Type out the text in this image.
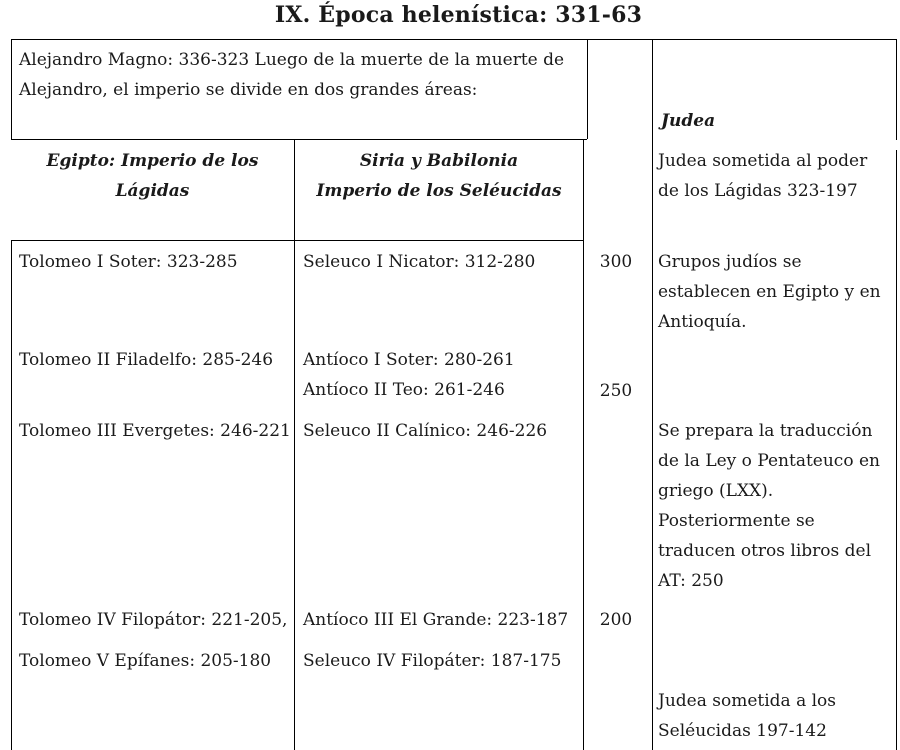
IX. Época helenística: 331-63
Alejandro Magno: 336-323 Luego de la muerte de la muerte de
Alejandro, el imperio se divide en dos grandes áreas:
Judea
Egipto: Imperio de los
Lágidas
Siria y Babilonia
Imperio de los Seléucidas
Tolomeo I Soter: 323-285
Tolomeo II Filadelfo: 285-246
Tolomeo III Evergetes: 246-221
Tolomeo IV Filopátor: 221-205,
Tolomeo V Epífanes: 205-180
Seleuco I Nicator: 312-280
Antíoco I Soter: 280-261
Antíoco II Teo: 261-246
Seleuco II Calínico: 246-226
Antíoco III El Grande: 223-187
Seleuco IV Filopáter: 187-175
300
250
200
Judea sometida al poder
de los Lágidas 323-197
Grupos judíos se
establecen en Egipto y en
Antioquía.
Se prepara la traducción
de la Ley o Pentateuco en
griego (LXX).
Posteriormente se
traducen otros libros del
AT: 250
Judea sometida a los
Seléucidas 197-142
